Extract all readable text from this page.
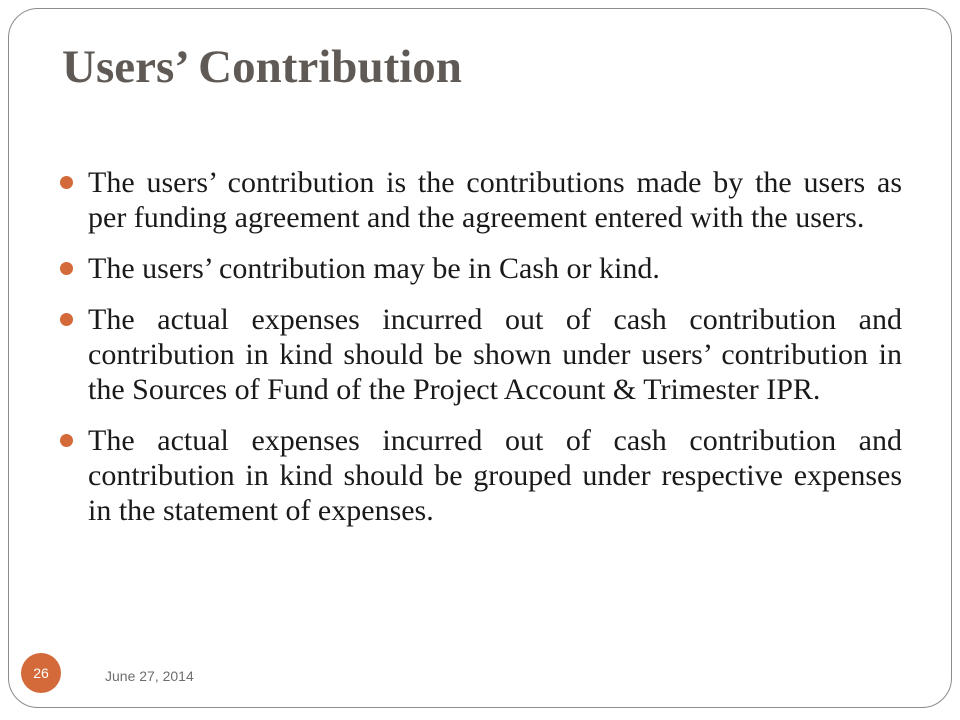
Users’ Contribution
The users’ contribution is the contributions made by the users as per funding agreement and the agreement entered with the users.
The users’ contribution may be in Cash or kind.
The actual expenses incurred out of cash contribution and contribution in kind should be shown under users’ contribution in the Sources of Fund of the Project Account & Trimester IPR.
The actual expenses incurred out of cash contribution and contribution in kind should be grouped under respective expenses in the statement of expenses.
26	June 27, 2014
